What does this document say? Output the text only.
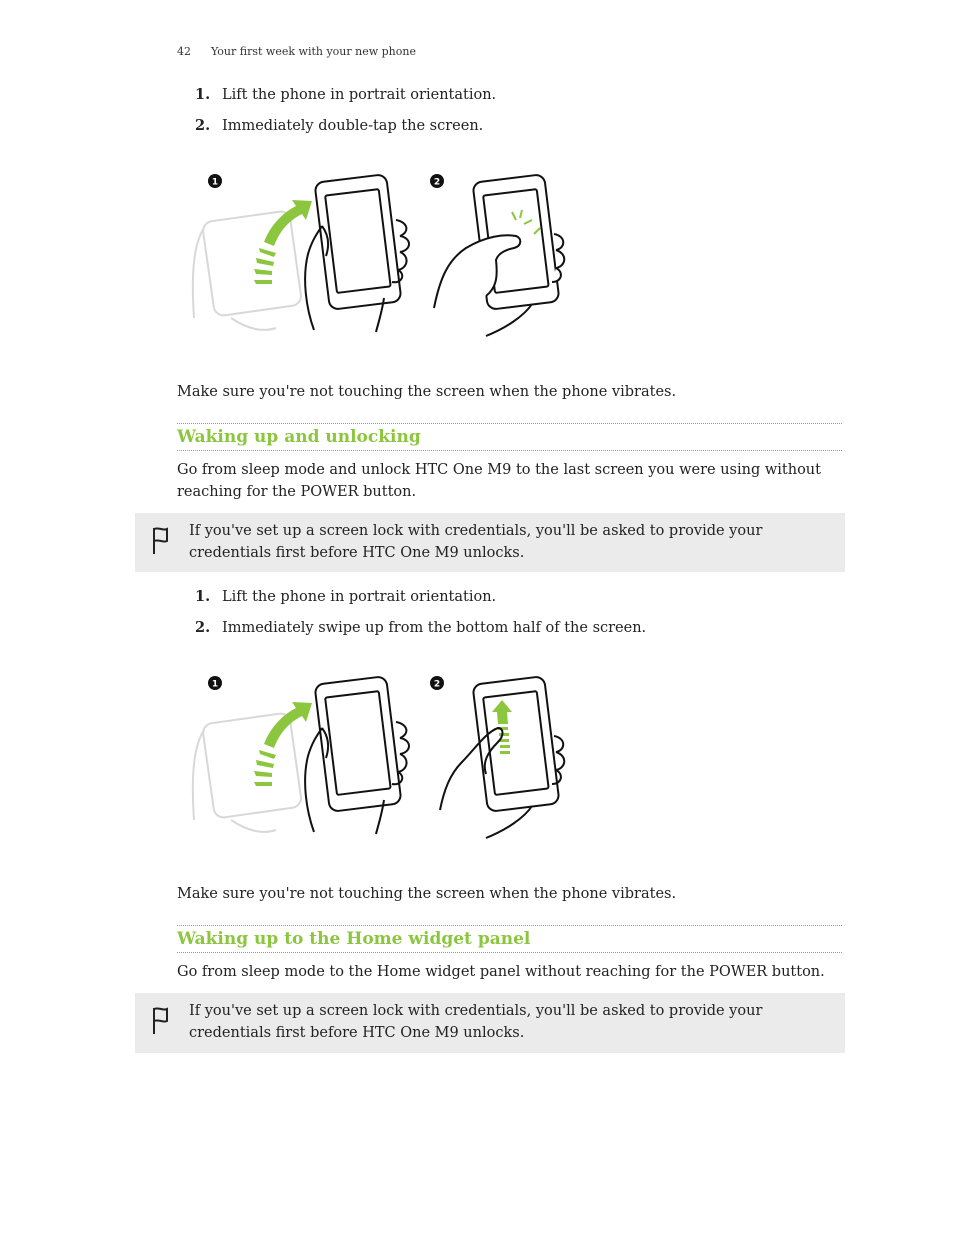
42 Your first week with your new phone
1. Lift the phone in portrait orientation.
2. Immediately double-tap the screen.
1	2
Make sure you're not touching the screen when the phone vibrates.
Waking up and unlocking
Go from sleep mode and unlock HTC One M9 to the last screen you were using without reaching for the POWER button.
If you've set up a screen lock with credentials, you'll be asked to provide your credentials first before HTC One M9 unlocks.
1. Lift the phone in portrait orientation.
2. Immediately swipe up from the bottom half of the screen.
1	2
Make sure you're not touching the screen when the phone vibrates.
Waking up to the Home widget panel
Go from sleep mode to the Home widget panel without reaching for the POWER button.
If you've set up a screen lock with credentials, you'll be asked to provide your credentials first before HTC One M9 unlocks.
